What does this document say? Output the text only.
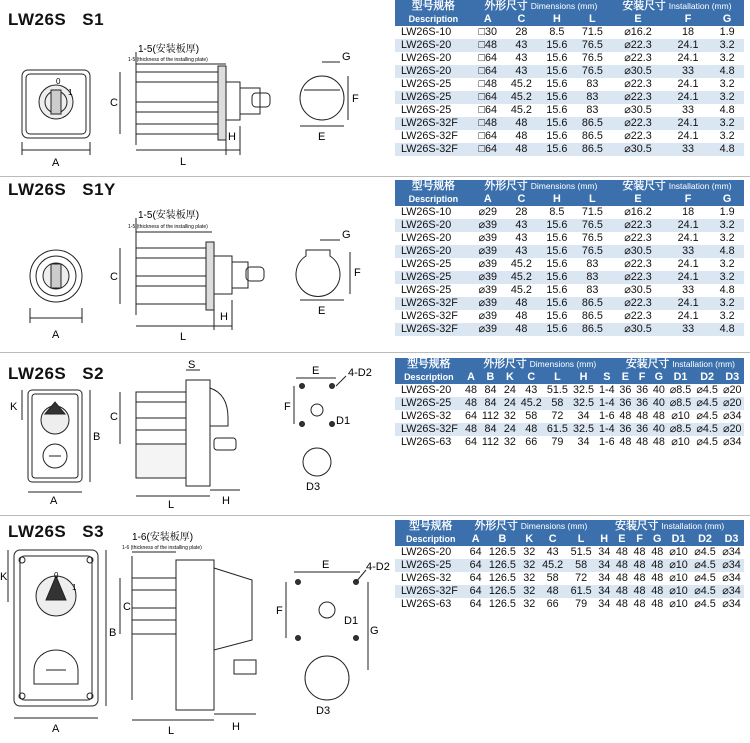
LW26S S1
0
1
A
C
L
H
1-5(安装板厚)
1-5 (thickness of the installing plate)	G
F
E
型号规格	外形尺寸 Dimensions (mm)				安装尺寸 Installation (mm)		
Description	A	C	H	L	E	F	G
LW26S-10	□30	28	8.5	71.5	⌀16.2	18	1.9
LW26S-20	□48	43	15.6	76.5	⌀22.3	24.1	3.2
LW26S-20	□64	43	15.6	76.5	⌀22.3	24.1	3.2
LW26S-20	□64	43	15.6	76.5	⌀30.5	33	4.8
LW26S-25	□48	45.2	15.6	83	⌀22.3	24.1	3.2
LW26S-25	□64	45.2	15.6	83	⌀22.3	24.1	3.2
LW26S-25	□64	45.2	15.6	83	⌀30.5	33	4.8
LW26S-32F	□48	48	15.6	86.5	⌀22.3	24.1	3.2
LW26S-32F	□64	48	15.6	86.5	⌀22.3	24.1	3.2
LW26S-32F	□64	48	15.6	86.5	⌀30.5	33	4.8
LW26S S1Y
A
C
L
H
1-5(安装板厚)
1-5 (thickness of the installing plate)
G
F
E
型号规格	外形尺寸 Dimensions (mm)				安装尺寸 Installation (mm)		
Description	A	C	H	L	E	F	G
LW26S-10	⌀29	28	8.5	71.5	⌀16.2	18	1.9
LW26S-20	⌀39	43	15.6	76.5	⌀22.3	24.1	3.2
LW26S-20	⌀39	43	15.6	76.5	⌀22.3	24.1	3.2
LW26S-20	⌀39	43	15.6	76.5	⌀30.5	33	4.8
LW26S-25	⌀39	45.2	15.6	83	⌀22.3	24.1	3.2
LW26S-25	⌀39	45.2	15.6	83	⌀22.3	24.1	3.2
LW26S-25	⌀39	45.2	15.6	83	⌀30.5	33	4.8
LW26S-32F	⌀39	48	15.6	86.5	⌀22.3	24.1	3.2
LW26S-32F	⌀39	48	15.6	86.5	⌀22.3	24.1	3.2
LW26S-32F	⌀39	48	15.6	86.5	⌀30.5	33	4.8
LW26S S2
K
A
B
C
L	H
S	E
F
4-D2
D1
D3
型号规格	外形尺寸 Dimensions (mm)							安装尺寸 Installation (mm)					
Description	A	B	K	C	L	H	S	E	F	G	D1	D2	D3
LW26S-20	48	84	24	43	51.5	32.5	1-4	36	36	40	⌀8.5	⌀4.5	⌀20
LW26S-25	48	84	24	45.2	58	32.5	1-4	36	36	40	⌀8.5	⌀4.5	⌀20
LW26S-32	64	112	32	58	72	34	1-6	48	48	48	⌀10	⌀4.5	⌀34
LW26S-32F	48	84	24	48	61.5	32.5	1-4	36	36	40	⌀8.5	⌀4.5	⌀20
LW26S-63	64	112	32	66	79	34	1-6	48	48	48	⌀10	⌀4.5	⌀34
LW26S S3
0
1
K
A
B
C
L	H
1-6(安装板厚)
1-6 (thickness of the installing plate)
E
F
G
4-D2
D1
D3
型号规格	外形尺寸 Dimensions (mm)					安装尺寸 Installation (mm)						
Description	A	B	K	C	L	H	E	F	G	D1	D2	D3
LW26S-20	64	126.5	32	43	51.5	34	48	48	48	⌀10	⌀4.5	⌀34
LW26S-25	64	126.5	32	45.2	58	34	48	48	48	⌀10	⌀4.5	⌀34
LW26S-32	64	126.5	32	58	72	34	48	48	48	⌀10	⌀4.5	⌀34
LW26S-32F	64	126.5	32	48	61.5	34	48	48	48	⌀10	⌀4.5	⌀34
LW26S-63	64	126.5	32	66	79	34	48	48	48	⌀10	⌀4.5	⌀34
